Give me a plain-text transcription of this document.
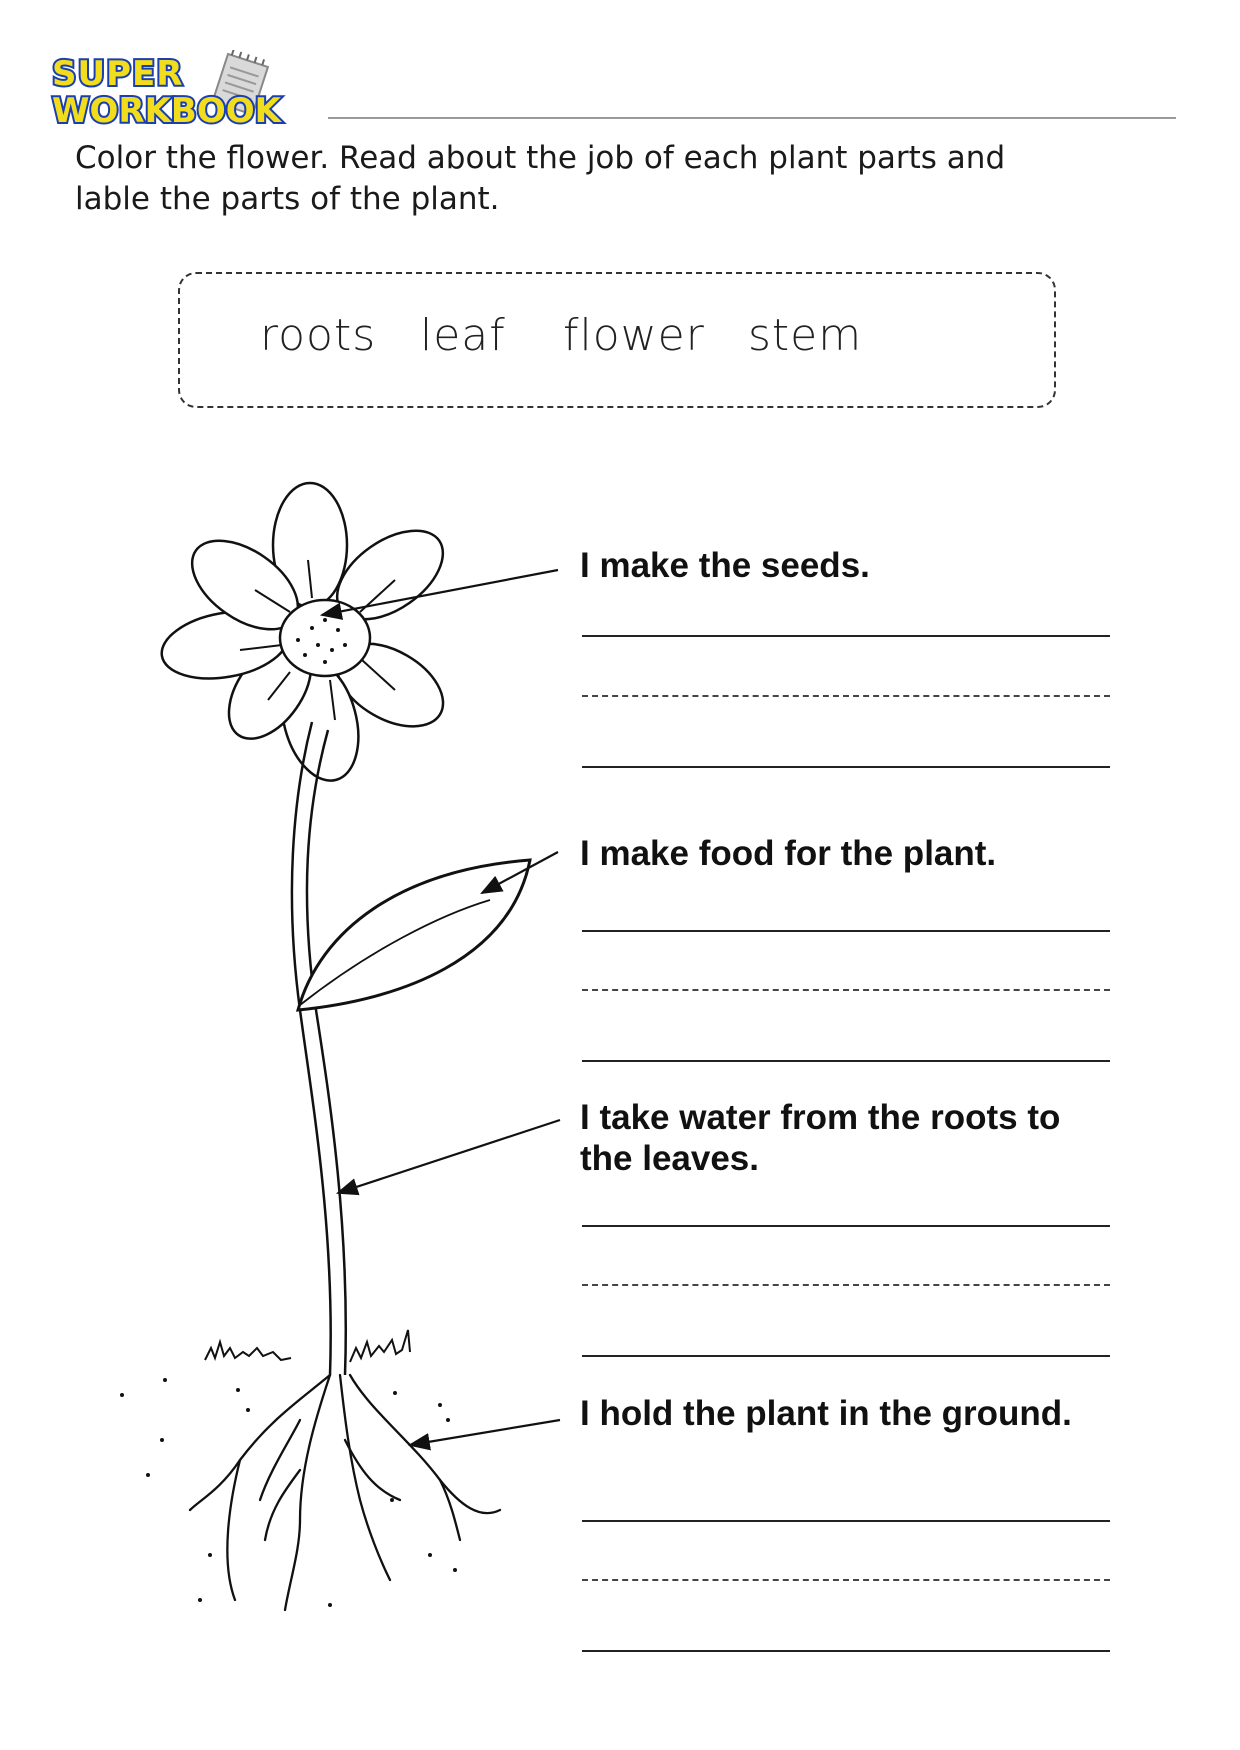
SUPER
WORKBOOK

Color the flower. Read about the job of each plant parts and lable the parts of the plant.

roots leaf flower stem
I make the seeds.
I make food for the plant.
I take water from the roots to the leaves.
I hold the plant in the ground.
